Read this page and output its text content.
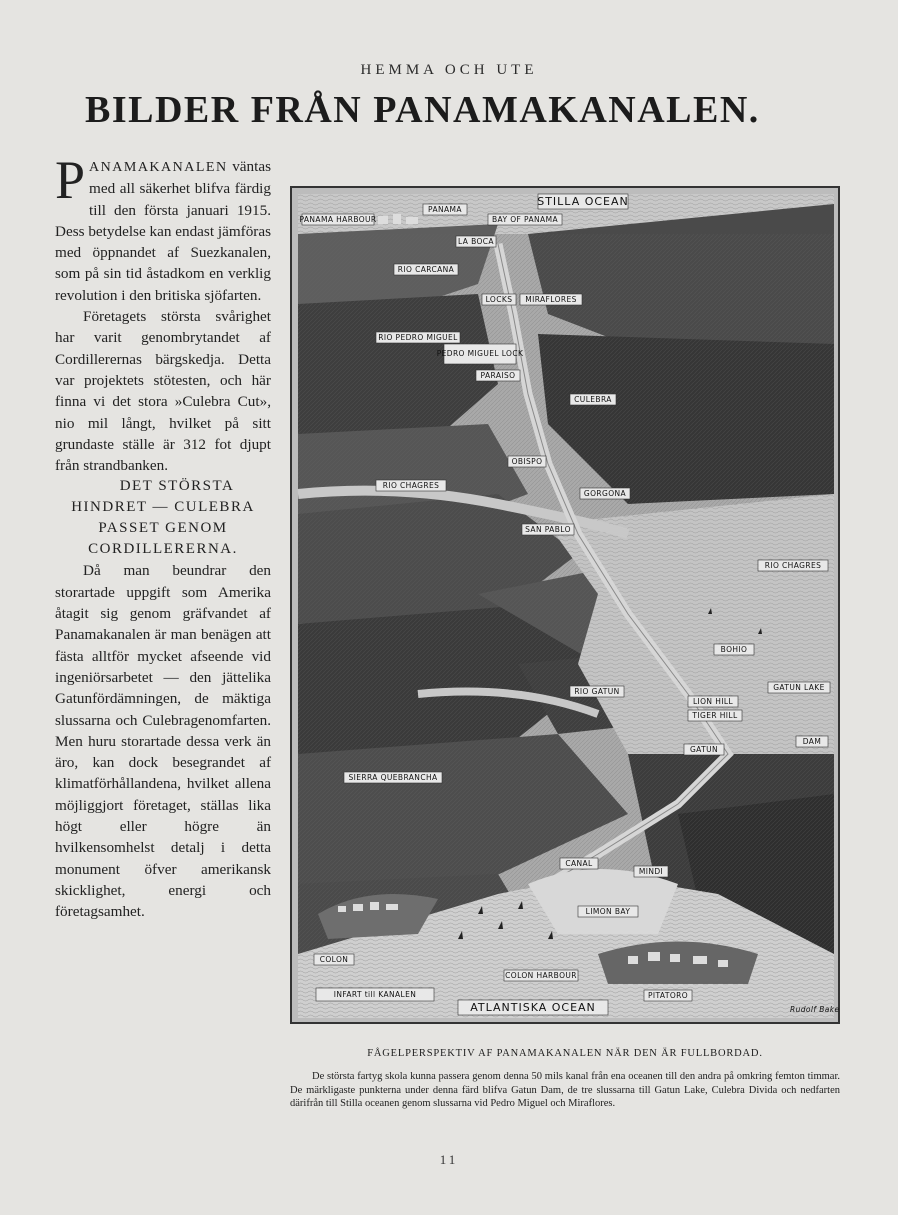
HEMMA OCH UTE
BILDER FRÅN PANAMAKANALEN.

PANAMAKANALEN väntas med all säkerhet blifva färdig till den första januari 1915. Dess betydelse kan endast jämföras med öppnandet af Suezkanalen, som på sin tid åstadkom en verklig revolution i den britiska sjöfarten.

Företagets största svårighet har varit genombrytandet af Cordillerernas bärgskedja. Detta var projektets stötesten, och här finna vi det stora »Culebra Cut», nio mil långt, hvilket på sitt grundaste ställe är 312 fot djupt från strandbanken.

DET STÖRSTA HINDRET — CULEBRA PASSET GENOM CORDILLERERNA.

Då man beundrar den storartade uppgift som Amerika åtagit sig genom gräfvandet af Panamakanalen är man benägen att fästa alltför mycket afseende vid ingeniörsarbetet — den jättelika Gatunfördämningen, de mäktiga slussarna och Culebragenomfarten. Men huru storartade dessa verk än äro, kan dock besegrandet af klimatförhållandena, hvilket allena möjliggjort företaget, ställas lika högt eller högre än hvilkensomhelst detalj i detta monument öfver amerikansk skicklighet, energi och företagsamhet.

STILLA OCEAN
ATLANTISKA OCEAN
PANAMA
PANAMA HARBOUR	BAY OF PANAMA
LA BOCA
RIO CARCANA
LOCKS MIRAFLORES
RIO PEDRO MIGUEL
PEDRO MIGUEL LOCK
PARAISO
CULEBRA
OBISPO
RIO CHAGRES
GORGONA
SAN PABLO
RIO CHAGRES
BOHIO
GATUN LAKE
RIO GATUN
LION HILL
TIGER HILL
GATUN
DAM
SIERRA QUEBRANCHA
CANAL
MINDI
LIMON BAY
COLON
COLON HARBOUR
PITATORO
INFART till KANALEN
Rudolf Bake
FÅGELPERSPEKTIV AF PANAMAKANALEN NÄR DEN ÄR FULLBORDAD.
De största fartyg skola kunna passera genom denna 50 mils kanal från ena oceanen till den andra på omkring femton timmar. De märkligaste punkterna under denna färd blifva Gatun Dam, de tre slussarna till Gatun Lake, Culebra Divida och nedfarten därifrån till Stilla oceanen genom slussarna vid Pedro Miguel och Miraflores.
11
